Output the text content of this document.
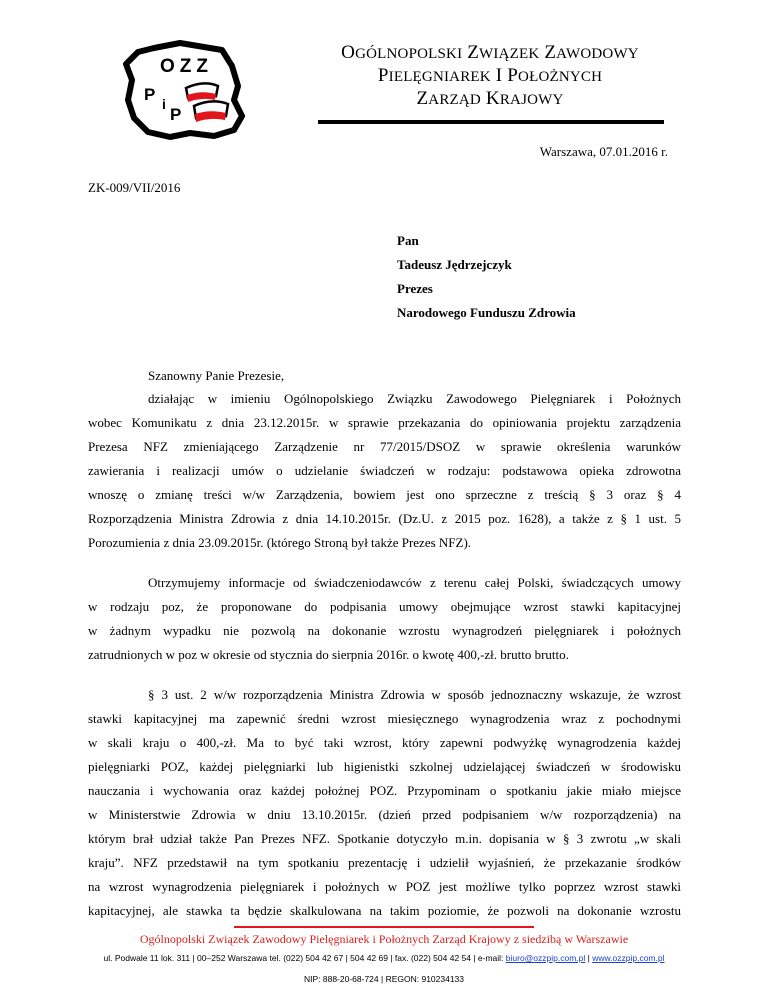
OZZ
P i
P
OGÓLNOPOLSKI ZWIĄZEK ZAWODOWY
PIELĘGNIAREK I POŁOŻNYCH
ZARZĄD KRAJOWY
Warszawa, 07.01.2016 r.
ZK-009/VII/2016
Pan
Tadeusz Jędrzejczyk
Prezes
Narodowego Funduszu Zdrowia
Szanowny Panie Prezesie,
działając w imieniu Ogólnopolskiego Związku Zawodowego Pielęgniarek i Położnych
wobec Komunikatu z dnia 23.12.2015r. w sprawie przekazania do opiniowania projektu zarządzenia
Prezesa NFZ zmieniającego Zarządzenie nr 77/2015/DSOZ w sprawie określenia warunków
zawierania i realizacji umów o udzielanie świadczeń w rodzaju: podstawowa opieka zdrowotna
wnoszę o zmianę treści w/w Zarządzenia, bowiem jest ono sprzeczne z treścią § 3 oraz § 4
Rozporządzenia Ministra Zdrowia z dnia 14.10.2015r. (Dz.U. z 2015 poz. 1628), a także z § 1 ust. 5
Porozumienia z dnia 23.09.2015r. (którego Stroną był także Prezes NFZ).
Otrzymujemy informacje od świadczeniodawców z terenu całej Polski, świadczących umowy
w rodzaju poz, że proponowane do podpisania umowy obejmujące wzrost stawki kapitacyjnej
w żadnym wypadku nie pozwolą na dokonanie wzrostu wynagrodzeń pielęgniarek i położnych
zatrudnionych w poz w okresie od stycznia do sierpnia 2016r. o kwotę 400,-zł. brutto brutto.
§ 3 ust. 2 w/w rozporządzenia Ministra Zdrowia w sposób jednoznaczny wskazuje, że wzrost
stawki kapitacyjnej ma zapewnić średni wzrost miesięcznego wynagrodzenia wraz z pochodnymi
w skali kraju o 400,-zł. Ma to być taki wzrost, który zapewni podwyżkę wynagrodzenia każdej
pielęgniarki POZ, każdej pielęgniarki lub higienistki szkolnej udzielającej świadczeń w środowisku
nauczania i wychowania oraz każdej położnej POZ. Przypominam o spotkaniu jakie miało miejsce
w Ministerstwie Zdrowia w dniu 13.10.2015r. (dzień przed podpisaniem w/w rozporządzenia) na
którym brał udział także Pan Prezes NFZ. Spotkanie dotyczyło m.in. dopisania w § 3 zwrotu „w skali
kraju”. NFZ przedstawił na tym spotkaniu prezentację i udzielił wyjaśnień, że przekazanie środków
na wzrost wynagrodzenia pielęgniarek i położnych w POZ jest możliwe tylko poprzez wzrost stawki
kapitacyjnej, ale stawka ta będzie skalkulowana na takim poziomie, że pozwoli na dokonanie wzrostu
Ogólnopolski Związek Zawodowy Pielęgniarek i Położnych Zarząd Krajowy z siedzibą w Warszawie
ul. Podwale 11 lok. 311 | 00–252 Warszawa tel. (022) 504 42 67 | 504 42 69 | fax. (022) 504 42 54 | e-mail: biuro@ozzpip.com.pl | www.ozzpip.com.pl
NIP: 888-20-68-724 | REGON: 910234133
